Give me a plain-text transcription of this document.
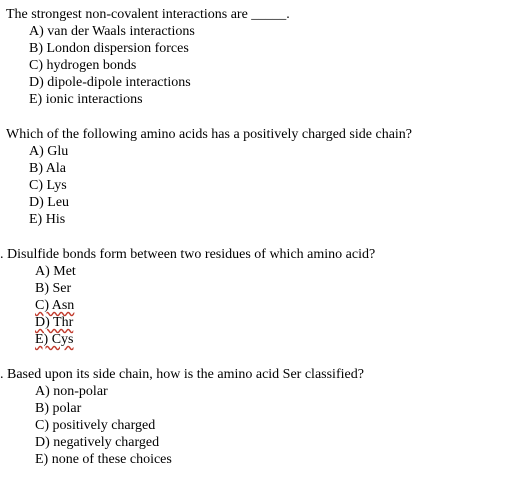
The strongest non-covalent interactions are _____.
A) van der Waals interactions
B) London dispersion forces
C) hydrogen bonds
D) dipole-dipole interactions
E) ionic interactions
Which of the following amino acids has a positively charged side chain?
A) Glu
B) Ala
C) Lys
D) Leu
E) His
. Disulfide bonds form between two residues of which amino acid?
A) Met
B) Ser
C) Asn
D) Thr
E) Cys
. Based upon its side chain, how is the amino acid Ser classified?
A) non-polar
B) polar
C) positively charged
D) negatively charged
E) none of these choices
